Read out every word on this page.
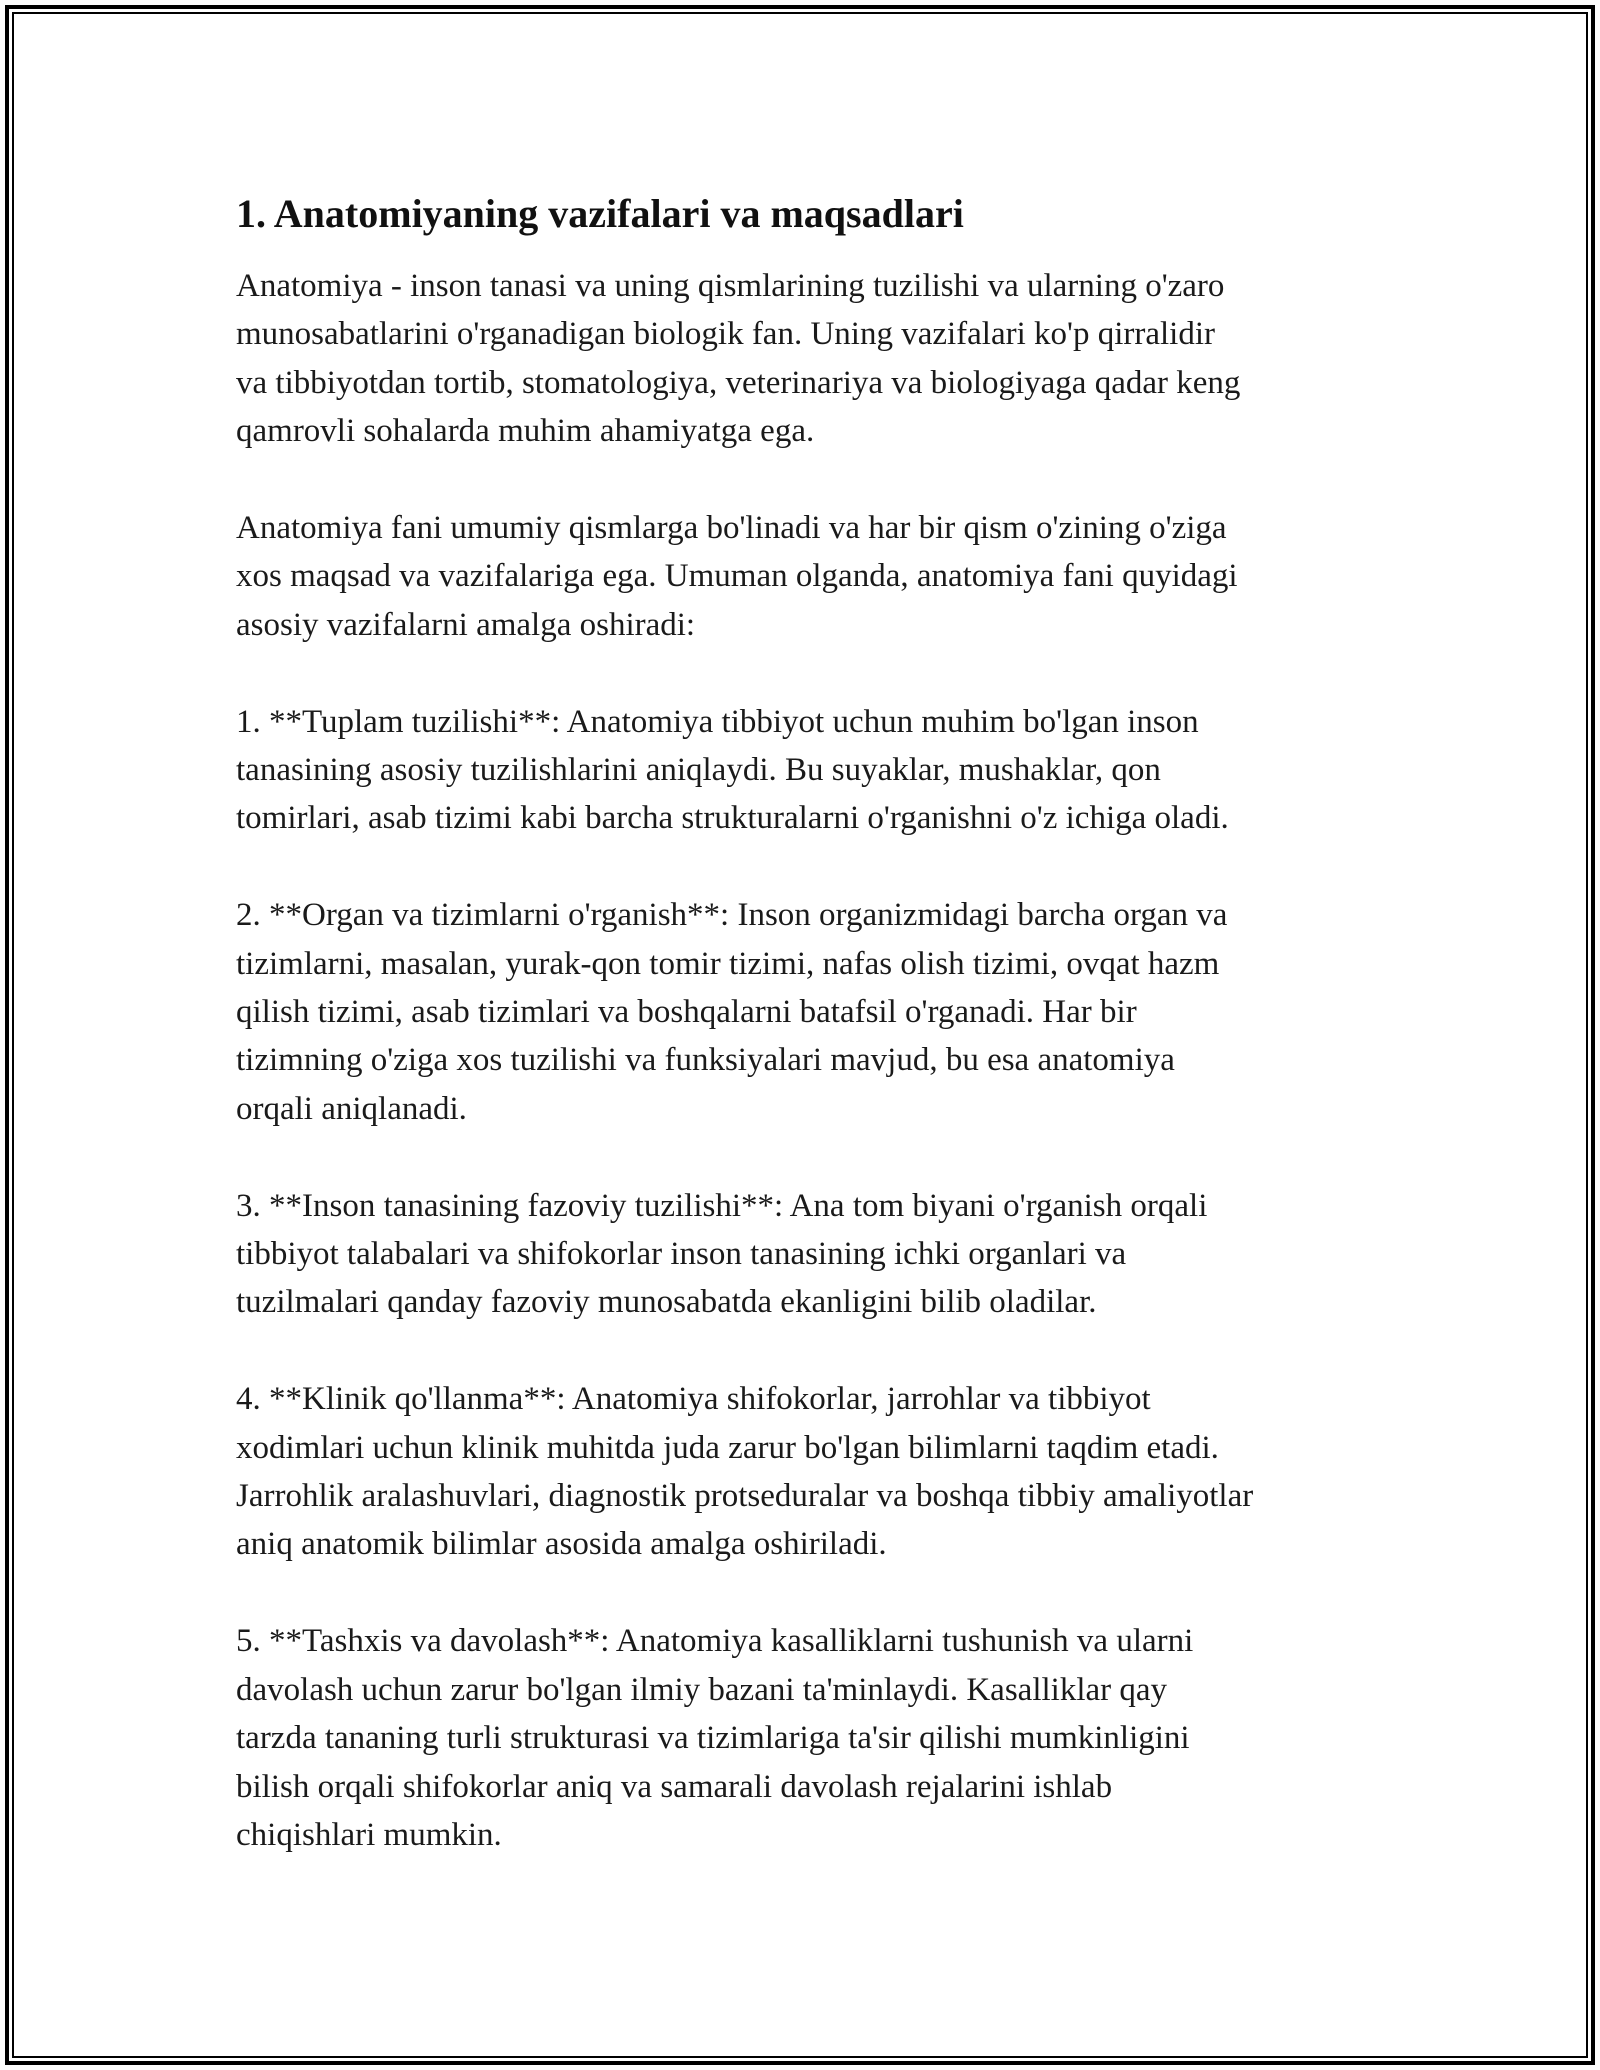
1. Anatomiyaning vazifalari va maqsadlari

Anatomiya - inson tanasi va uning qismlarining tuzilishi va ularning o'zaro
munosabatlarini o'rganadigan biologik fan. Uning vazifalari ko'p qirralidir
va tibbiyotdan tortib, stomatologiya, veterinariya va biologiyaga qadar keng
qamrovli sohalarda muhim ahamiyatga ega.

Anatomiya fani umumiy qismlarga bo'linadi va har bir qism o'zining o'ziga
xos maqsad va vazifalariga ega. Umuman olganda, anatomiya fani quyidagi
asosiy vazifalarni amalga oshiradi:

1. **Tuplam tuzilishi**: Anatomiya tibbiyot uchun muhim bo'lgan inson
tanasining asosiy tuzilishlarini aniqlaydi. Bu suyaklar, mushaklar, qon
tomirlari, asab tizimi kabi barcha strukturalarni o'rganishni o'z ichiga oladi.

2. **Organ va tizimlarni o'rganish**: Inson organizmidagi barcha organ va
tizimlarni, masalan, yurak-qon tomir tizimi, nafas olish tizimi, ovqat hazm
qilish tizimi, asab tizimlari va boshqalarni batafsil o'rganadi. Har bir
tizimning o'ziga xos tuzilishi va funksiyalari mavjud, bu esa anatomiya
orqali aniqlanadi.

3. **Inson tanasining fazoviy tuzilishi**: Ana tom biyani o'rganish orqali
tibbiyot talabalari va shifokorlar inson tanasining ichki organlari va
tuzilmalari qanday fazoviy munosabatda ekanligini bilib oladilar.

4. **Klinik qo'llanma**: Anatomiya shifokorlar, jarrohlar va tibbiyot
xodimlari uchun klinik muhitda juda zarur bo'lgan bilimlarni taqdim etadi.
Jarrohlik aralashuvlari, diagnostik protseduralar va boshqa tibbiy amaliyotlar
aniq anatomik bilimlar asosida amalga oshiriladi.

5. **Tashxis va davolash**: Anatomiya kasalliklarni tushunish va ularni
davolash uchun zarur bo'lgan ilmiy bazani ta'minlaydi. Kasalliklar qay
tarzda tananing turli strukturasi va tizimlariga ta'sir qilishi mumkinligini
bilish orqali shifokorlar aniq va samarali davolash rejalarini ishlab
chiqishlari mumkin.
